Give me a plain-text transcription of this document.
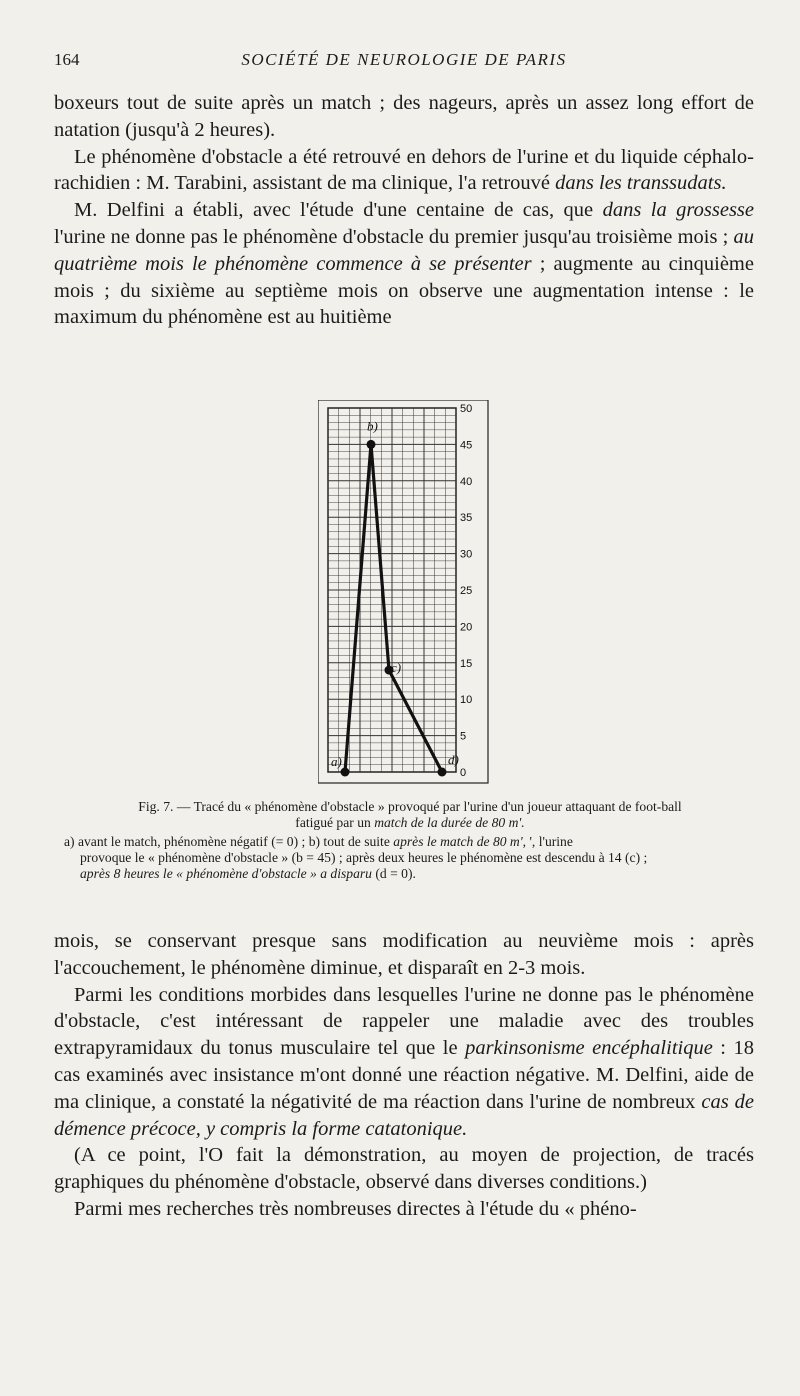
164	SOCIÉTÉ DE NEUROLOGIE DE PARIS

boxeurs tout de suite après un match ; des nageurs, après un assez long effort de natation (jusqu'à 2 heures).

Le phénomène d'obstacle a été retrouvé en dehors de l'urine et du liquide céphalo-rachidien : M. Tarabini, assistant de ma clinique, l'a retrouvé dans les transsudats.

M. Delfini a établi, avec l'étude d'une centaine de cas, que dans la grossesse l'urine ne donne pas le phénomène d'obstacle du premier jusqu'au troisième mois ; au quatrième mois le phénomène commence à se présenter ; augmente au cinquième mois ; du sixième au septième mois on observe une augmentation intense : le maximum du phénomène est au huitième

0
5
10
15
20
25
30
35
40
45
50
a)
b)
c)
d)

Fig. 7. — Tracé du « phénomène d'obstacle » provoqué par l'urine d'un joueur attaquant de foot-ball

fatigué par un match de la durée de 80 m'.

a) avant le match, phénomène négatif (= 0) ; b) tout de suite après le match de 80 m', ', l'urine
provoque le « phénomène d'obstacle » (b = 45) ; après deux heures le phénomène est descendu à 14 (c) ;
après 8 heures le « phénomène d'obstacle » a disparu (d = 0).

mois, se conservant presque sans modification au neuvième mois : après l'accouchement, le phénomène diminue, et disparaît en 2-3 mois.

Parmi les conditions morbides dans lesquelles l'urine ne donne pas le phénomène d'obstacle, c'est intéressant de rappeler une maladie avec des troubles extrapyramidaux du tonus musculaire tel que le parkinsonisme encéphalitique : 18 cas examinés avec insistance m'ont donné une réaction négative. M. Delfini, aide de ma clinique, a constaté la négativité de ma réaction dans l'urine de nombreux cas de démence précoce, y compris la forme catatonique.

(A ce point, l'O fait la démonstration, au moyen de projection, de tracés graphiques du phénomène d'obstacle, observé dans diverses conditions.)

Parmi mes recherches très nombreuses directes à l'étude du « phéno-
